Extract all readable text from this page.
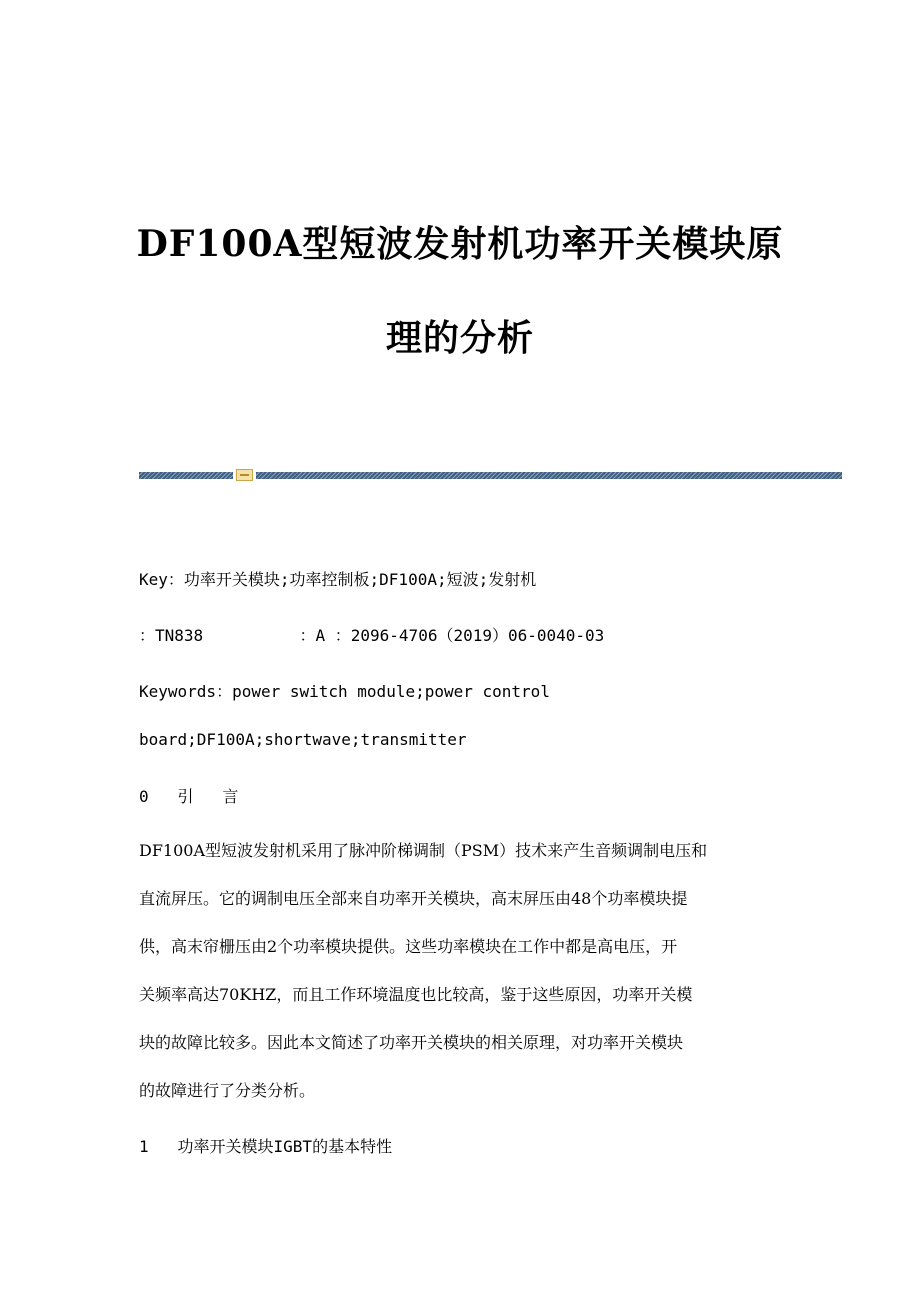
DF100A型短波发射机功率开关模块原
理的分析
Key：功率开关模块;功率控制板;DF100A;短波;发射机
：TN838          ：A ：2096-4706（2019）06-0040-03
Keywords：power switch module;power control
board;DF100A;shortwave;transmitter
0   引   言
DF100A型短波发射机采用了脉冲阶梯调制（PSM）技术来产生音频调制电压和
直流屏压。它的调制电压全部来自功率开关模块，高末屏压由48个功率模块提
供，高末帘栅压由2个功率模块提供。这些功率模块在工作中都是高电压，开
关频率高达70KHZ，而且工作环境温度也比较高，鉴于这些原因，功率开关模
块的故障比较多。因此本文简述了功率开关模块的相关原理，对功率开关模块
的故障进行了分类分析。
1   功率开关模块IGBT的基本特性
